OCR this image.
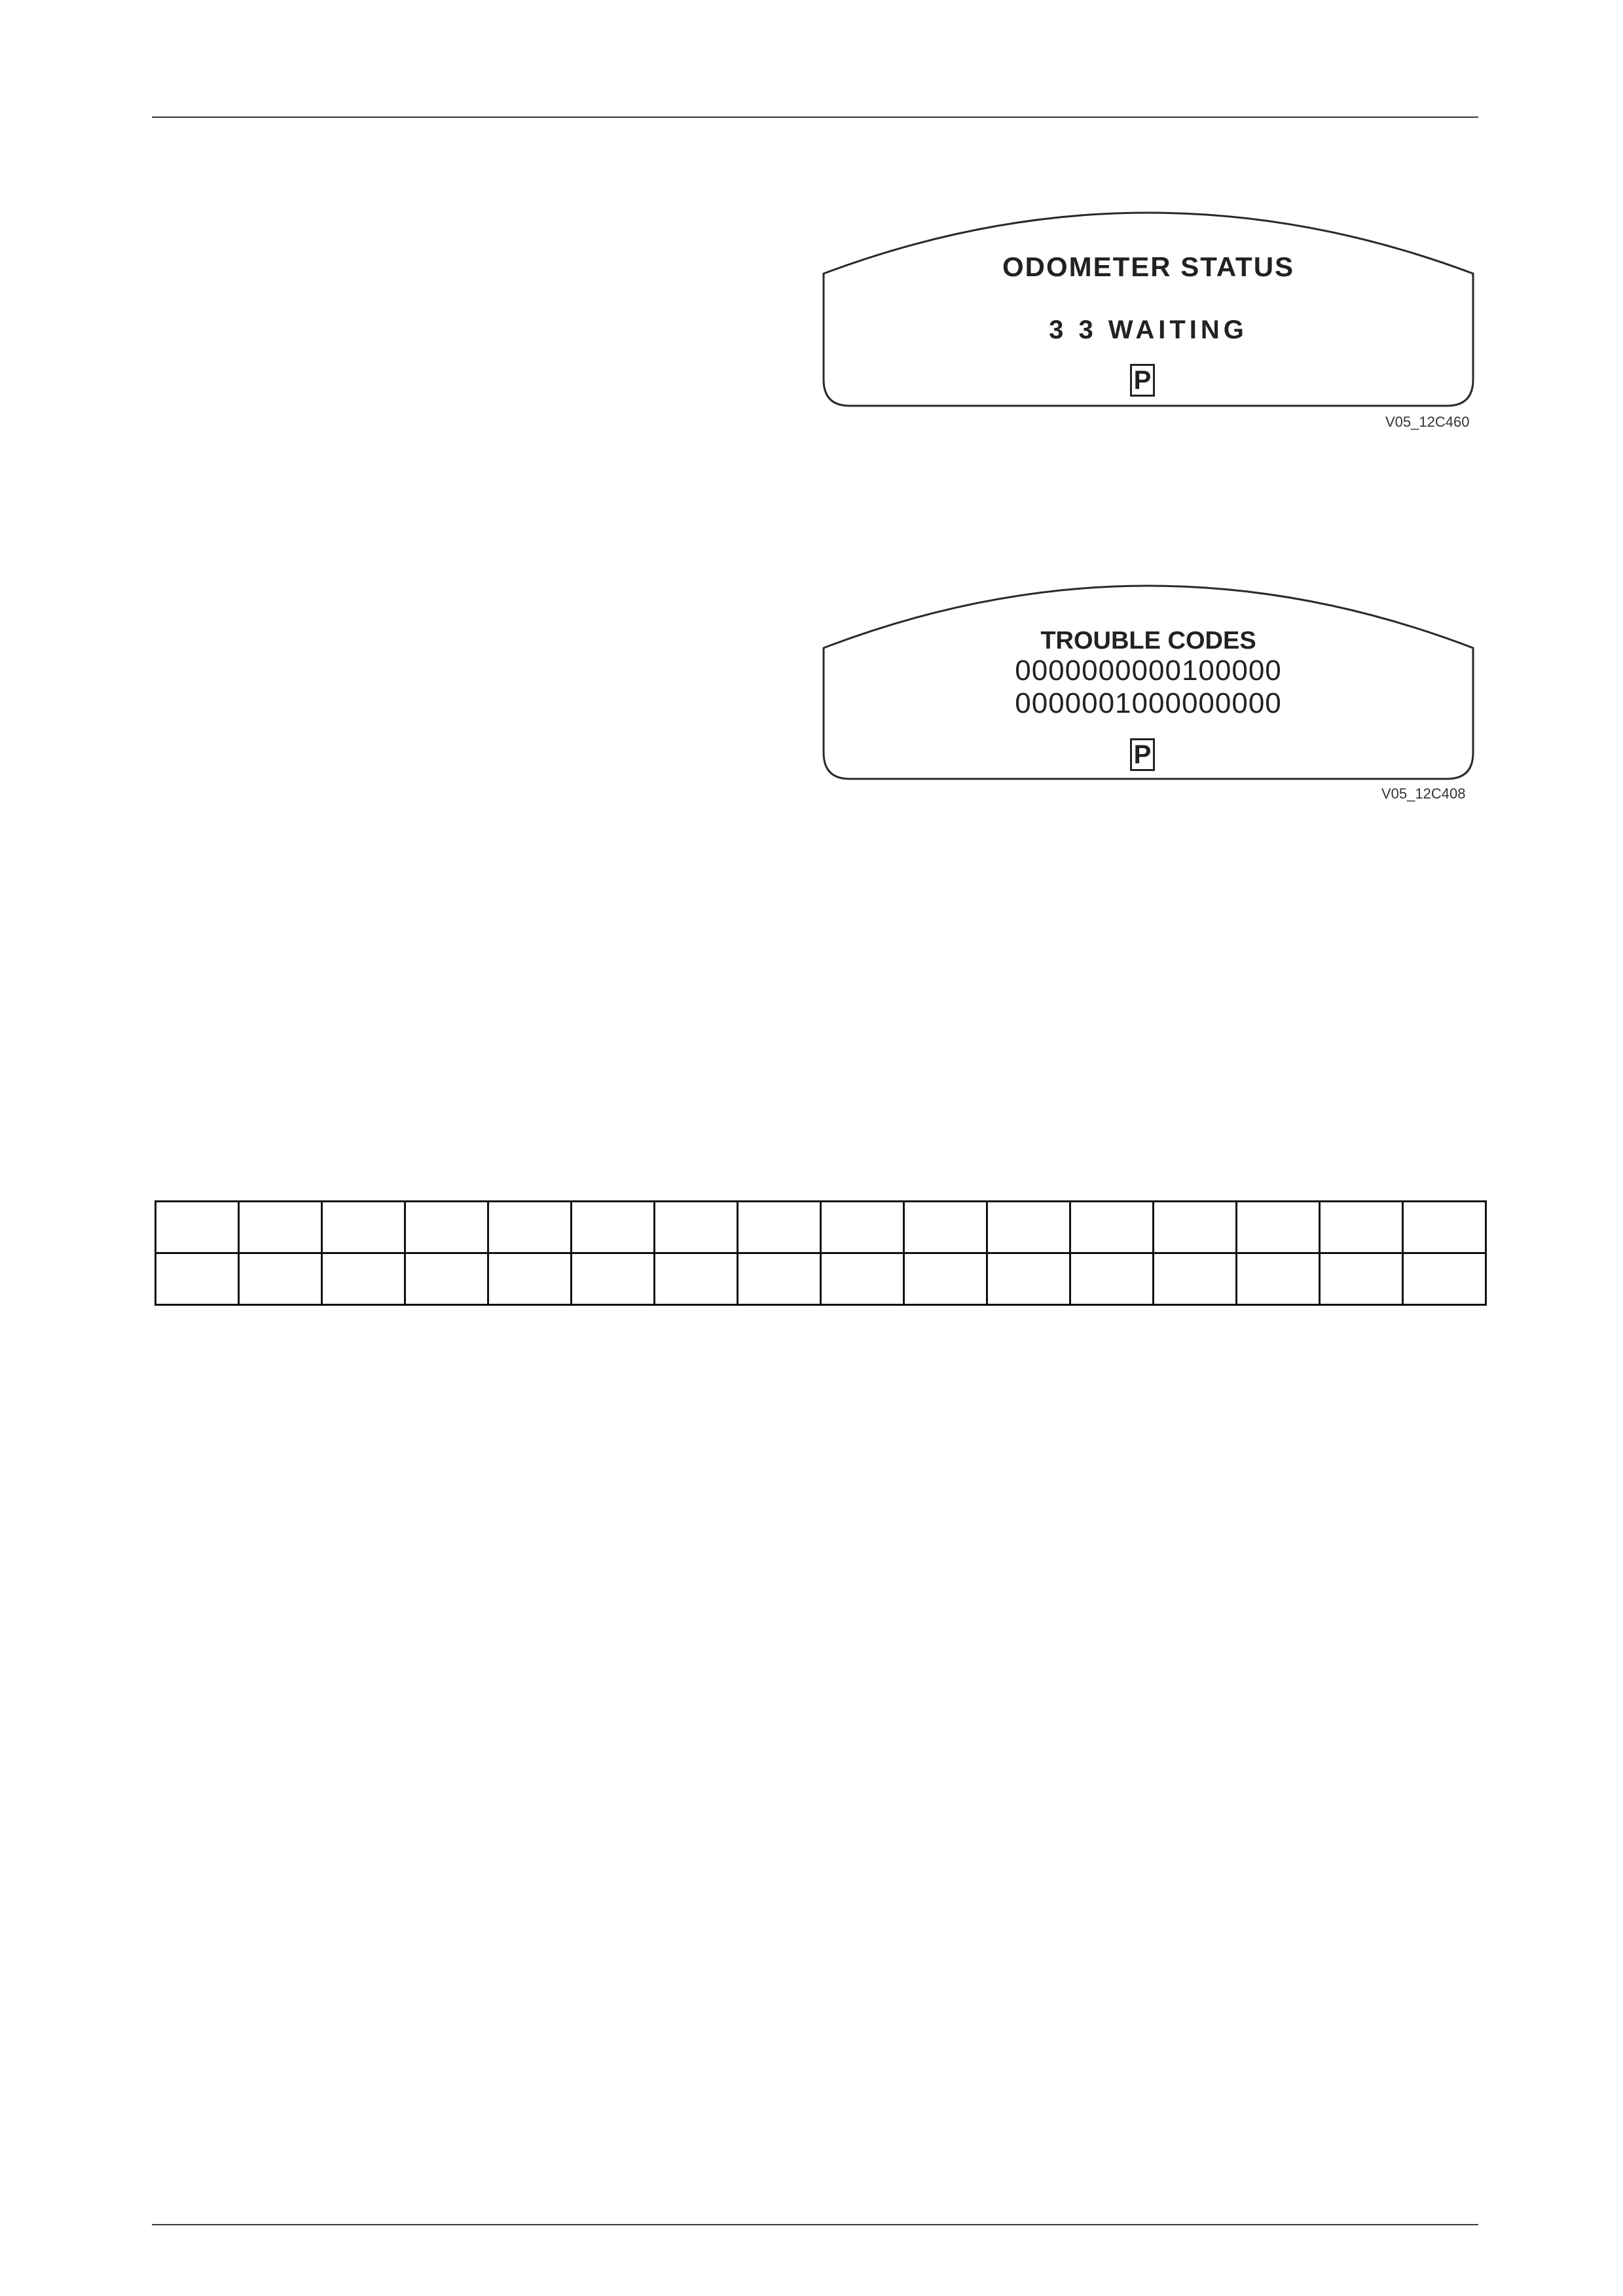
ODOMETER STATUS
3 3 WAITING
P
V05_12C460
TROUBLE CODES
0000000000100000
0000001000000000
P
V05_12C408
